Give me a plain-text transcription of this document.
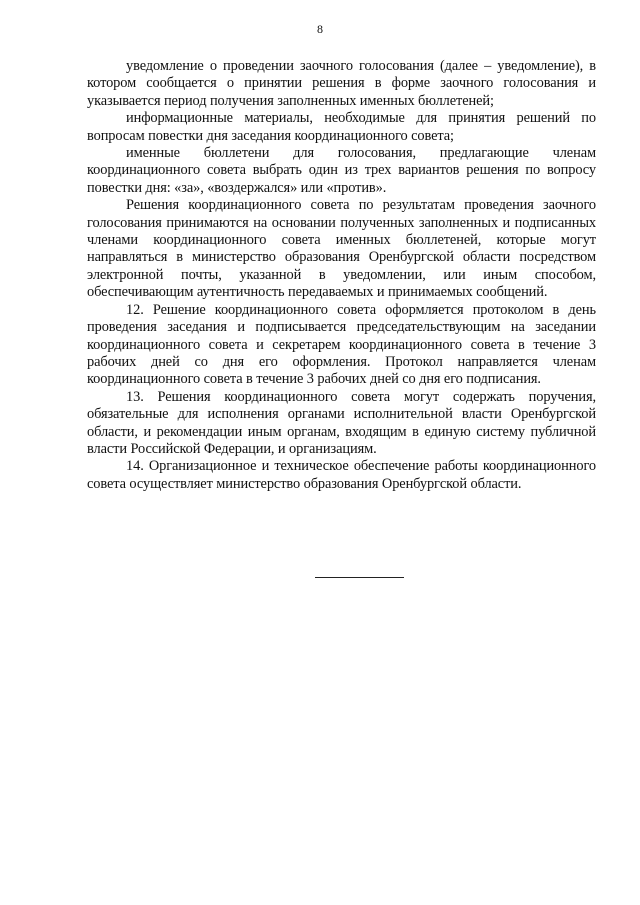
8

уведомление о проведении заочного голосования (далее – уведомление), в котором сообщается о принятии решения в форме заочного голосования и указывается период получения заполненных именных бюллетеней;

информационные материалы, необходимые для принятия решений по вопросам повестки дня заседания координационного совета;

именные бюллетени для голосования, предлагающие членам координационного совета выбрать один из трех вариантов решения по вопросу повестки дня: «за», «воздержался» или «против».

Решения координационного совета по результатам проведения заочного голосования принимаются на основании полученных заполненных и подписанных членами координационного совета именных бюллетеней, которые могут направляться в министерство образования Оренбургской области посредством электронной почты, указанной в уведомлении, или иным способом, обеспечивающим аутентичность передаваемых и принимаемых сообщений.

12. Решение координационного совета оформляется протоколом в день проведения заседания и подписывается председательствующим на заседании координационного совета и секретарем координационного совета в течение 3 рабочих дней со дня его оформления. Протокол направляется членам координационного совета в течение 3 рабочих дней со дня его подписания.

13. Решения координационного совета могут содержать поручения, обязательные для исполнения органами исполнительной власти Оренбургской области, и рекомендации иным органам, входящим в единую систему публичной власти Российской Федерации, и организациям.

14. Организационное и техническое обеспечение работы координационного совета осуществляет министерство образования Оренбургской области.
